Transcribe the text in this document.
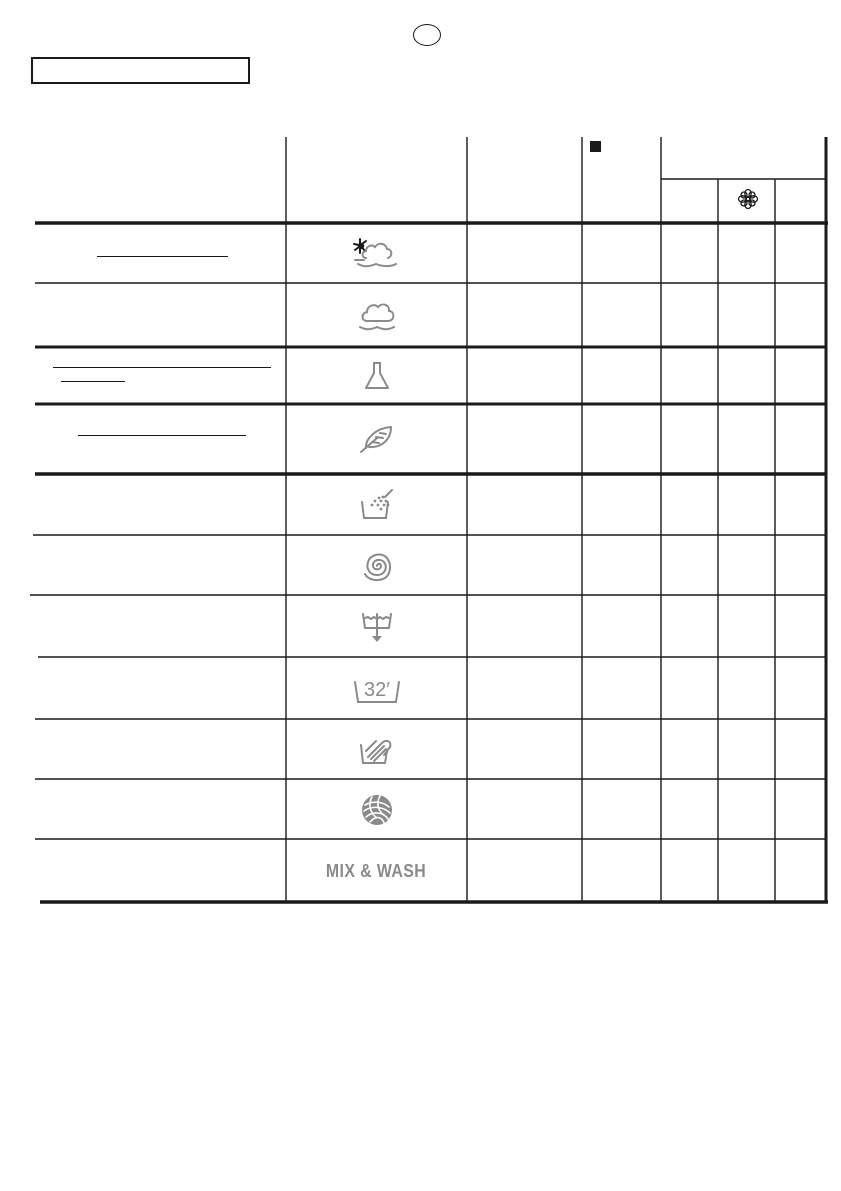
32′
MIX & WASH
